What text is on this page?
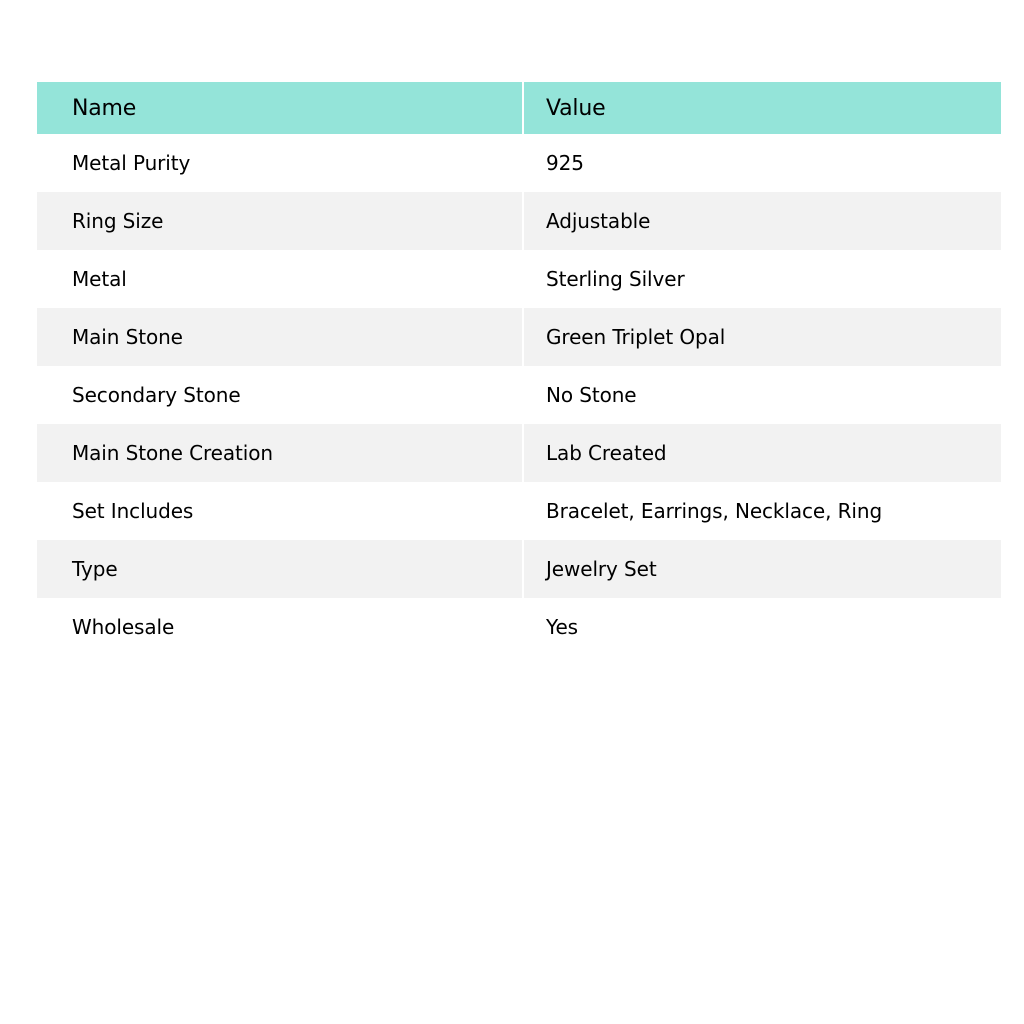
Name	Value
Metal Purity	925
Ring Size	Adjustable
Metal	Sterling Silver
Main Stone	Green Triplet Opal
Secondary Stone	No Stone
Main Stone Creation	Lab Created
Set Includes	Bracelet, Earrings, Necklace, Ring
Type	Jewelry Set
Wholesale	Yes
